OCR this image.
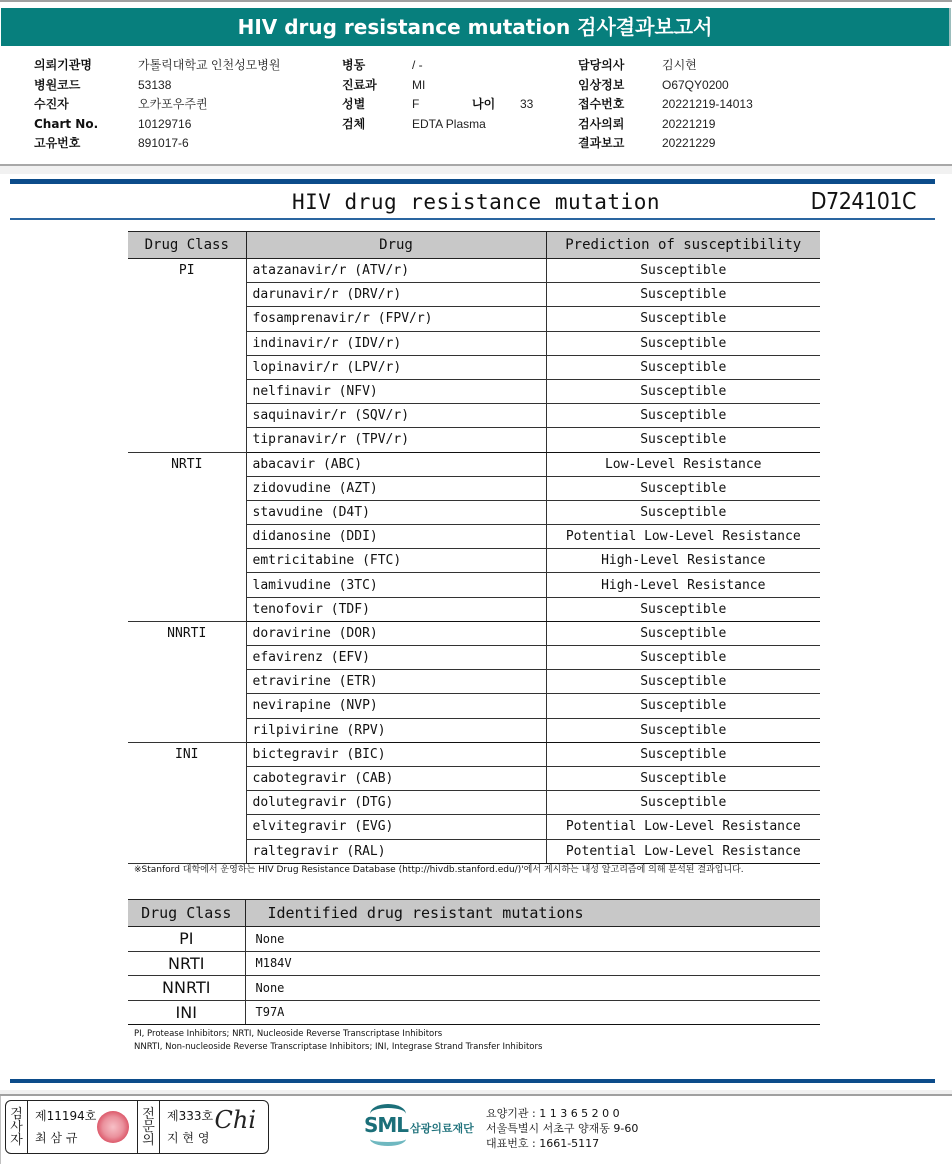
HIV drug resistance mutation 검사결과보고서
의뢰기관명	가톨릭대학교 인천성모병원
병원코드	53138
수진자	오카포우주퀸
Chart No.	10129716
고유번호	891017-6
병동	/ -
진료과	MI
성별	F	나이	33
검체	EDTA Plasma
담당의사	김시현
임상정보	O67QY0200
접수번호	20221219-14013
검사의뢰	20221219
결과보고	20221229
HIV drug resistance mutation	D724101C
Drug Class	Drug	Prediction of susceptibility
PI	atazanavir/r (ATV/r)	Susceptible
	darunavir/r (DRV/r)	Susceptible
	fosamprenavir/r (FPV/r)	Susceptible
	indinavir/r (IDV/r)	Susceptible
	lopinavir/r (LPV/r)	Susceptible
	nelfinavir (NFV)	Susceptible
	saquinavir/r (SQV/r)	Susceptible
	tipranavir/r (TPV/r)	Susceptible
NRTI	abacavir (ABC)	Low-Level Resistance
	zidovudine (AZT)	Susceptible
	stavudine (D4T)	Susceptible
	didanosine (DDI)	Potential Low-Level Resistance
	emtricitabine (FTC)	High-Level Resistance
	lamivudine (3TC)	High-Level Resistance
	tenofovir (TDF)	Susceptible
NNRTI	doravirine (DOR)	Susceptible
	efavirenz (EFV)	Susceptible
	etravirine (ETR)	Susceptible
	nevirapine (NVP)	Susceptible
	rilpivirine (RPV)	Susceptible
INI	bictegravir (BIC)	Susceptible
	cabotegravir (CAB)	Susceptible
	dolutegravir (DTG)	Susceptible
	elvitegravir (EVG)	Potential Low-Level Resistance
	raltegravir (RAL)	Potential Low-Level Resistance
※Stanford 대학에서 운영하는 HIV Drug Resistance Database (http://hivdb.stanford.edu/)'에서 게시하는 내성 알고리즘에 의해 분석된 결과입니다.
Drug Class	Identified drug resistant mutations
PI	None
NRTI	M184V
NNRTI	None
INI	T97A
PI, Protease Inhibitors; NRTI, Nucleoside Reverse Transcriptase Inhibitors
NNRTI, Non-nucleoside Reverse Transcriptase Inhibitors; INI, Integrase Strand Transfer Inhibitors
검
사
자
제11194호
최 삼 규
전
문
의
제333호
지 현 영
Chi	SML 삼광의료재단
요양기관 : 1 1 3 6 5 2 0 0
서울특별시 서초구 양재동 9-60
대표번호 : 1661-5117
